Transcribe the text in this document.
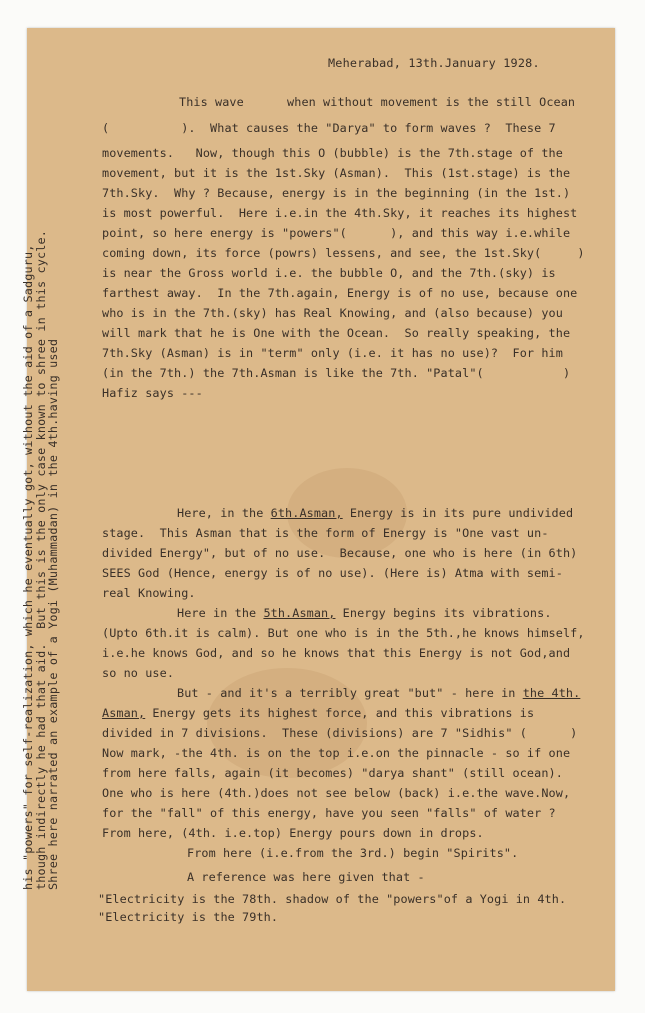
Meherabad, 13th.January 1928.
This wave      when without movement is the still Ocean
(          ).  What causes the "Darya" to form waves ?  These 7
movements.   Now, though this O (bubble) is the 7th.stage of the
movement, but it is the 1st.Sky (Asman).  This (1st.stage) is the
7th.Sky.  Why ? Because, energy is in the beginning (in the 1st.)
is most powerful.  Here i.e.in the 4th.Sky, it reaches its highest
point, so here energy is "powers"(      ), and this way i.e.while
coming down, its force (powrs) lessens, and see, the 1st.Sky(     )
is near the Gross world i.e. the bubble O, and the 7th.(sky) is
farthest away.  In the 7th.again, Energy is of no use, because one
who is in the 7th.(sky) has Real Knowing, and (also because) you
will mark that he is One with the Ocean.  So really speaking, the
7th.Sky (Asman) is in "term" only (i.e. it has no use)?  For him
(in the 7th.) the 7th.Asman is like the 7th. "Patal"(           )
Hafiz says ---
Here, in the 6th.Asman, Energy is in its pure undivided
stage.  This Asman that is the form of Energy is "One vast un-
divided Energy", but of no use.  Because, one who is here (in 6th)
SEES God (Hence, energy is of no use). (Here is) Atma with semi-
real Knowing.
Here in the 5th.Asman, Energy begins its vibrations.
(Upto 6th.it is calm). But one who is in the 5th.,he knows himself,
i.e.he knows God, and so he knows that this Energy is not God,and
so no use.
But - and it's a terribly great "but" - here in the 4th.
Asman, Energy gets its highest force, and this vibrations is
divided in 7 divisions.  These (divisions) are 7 "Sidhis" (      )
Now mark, -the 4th. is on the top i.e.on the pinnacle - so if one
from here falls, again (it becomes) "darya shant" (still ocean).
One who is here (4th.)does not see below (back) i.e.the wave.Now,
for the "fall" of this energy, have you seen "falls" of water ?
From here, (4th. i.e.top) Energy pours down in drops.
From here (i.e.from the 3rd.) begin "Spirits".
A reference was here given that -
"Electricity is the 78th. shadow of the "powers"of a Yogi in 4th.
"Electricity is the 79th.
his "powers" for self-realization, which he eventually got, without the aid of a Sadguru,
though indirectly he had that aid.  But this is the only case known to shree in this cycle.
Shree here narrated an example of a Yogi (Muhammadan) in the 4th.having used
